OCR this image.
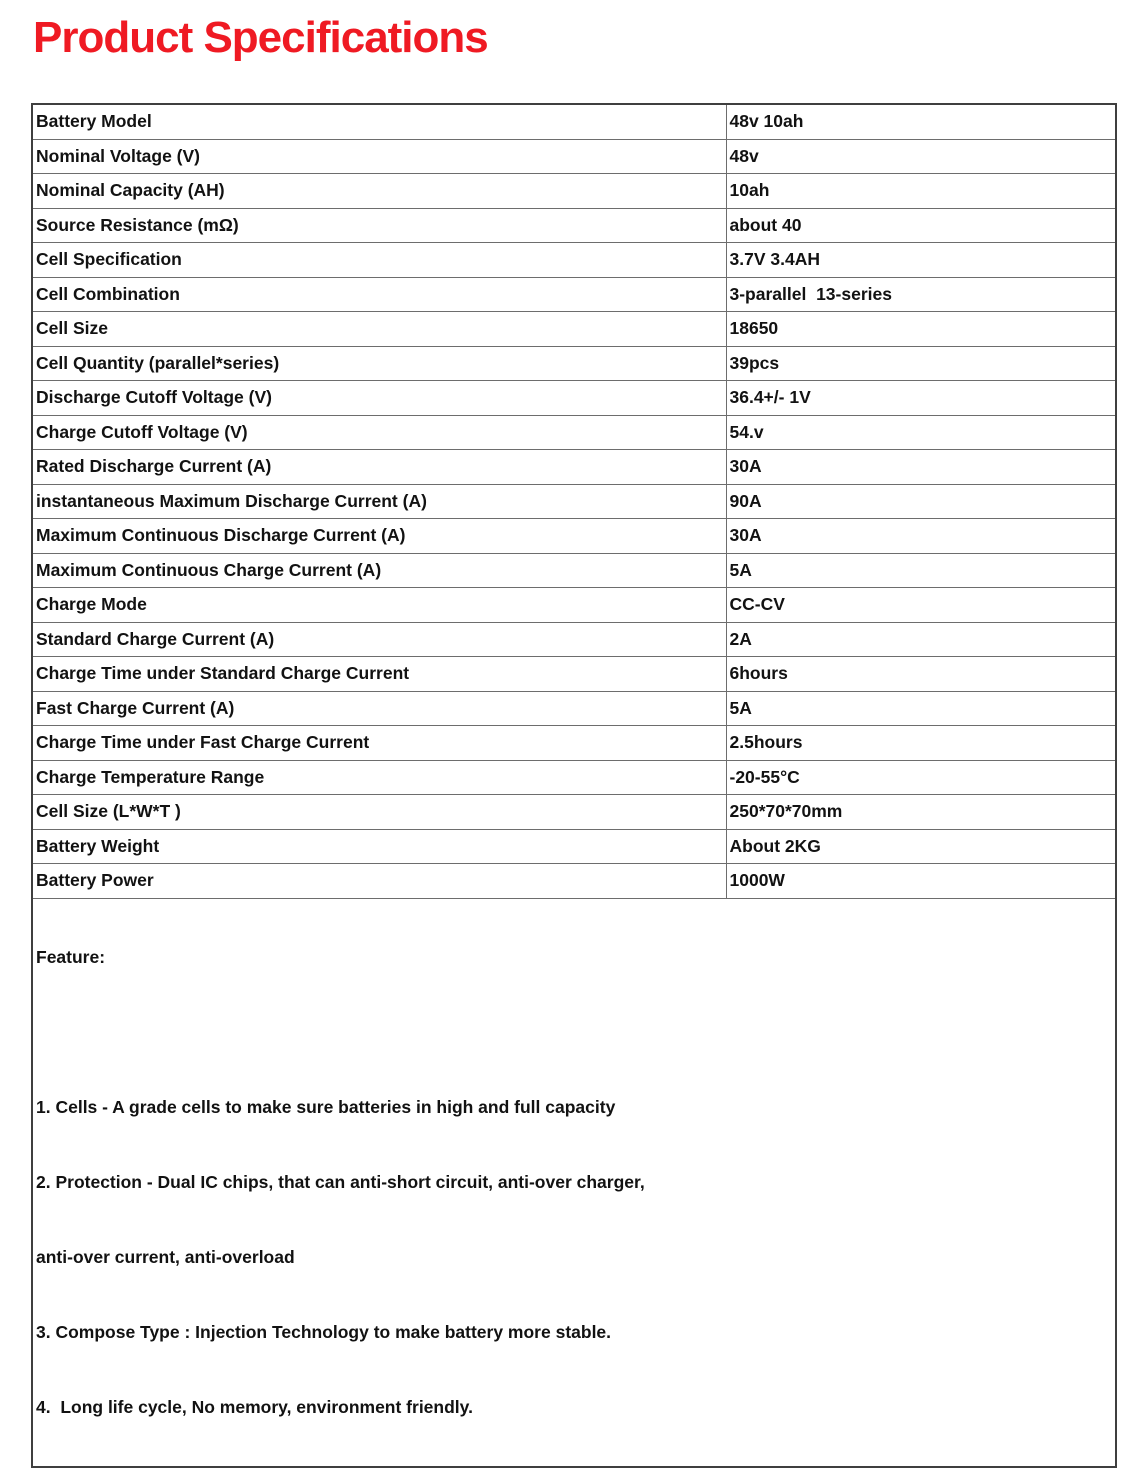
Product Specifications
Battery Model	48v 10ah
Nominal Voltage (V)	48v
Nominal Capacity (AH)	10ah
Source Resistance (mΩ)	about 40
Cell Specification	3.7V 3.4AH
Cell Combination	3-parallel  13-series
Cell Size	18650
Cell Quantity (parallel*series)	39pcs
Discharge Cutoff Voltage (V)	36.4+/- 1V
Charge Cutoff Voltage (V)	54.v
Rated Discharge Current (A)	30A
instantaneous Maximum Discharge Current (A)	90A
Maximum Continuous Discharge Current (A)	30A
Maximum Continuous Charge Current (A)	5A
Charge Mode	CC-CV
Standard Charge Current (A)	2A
Charge Time under Standard Charge Current	6hours
Fast Charge Current (A)	5A
Charge Time under Fast Charge Current	2.5hours
Charge Temperature Range	-20-55°C
Cell Size (L*W*T )	250*70*70mm
Battery Weight	About 2KG
Battery Power	1000W

Feature:

1. Cells - A grade cells to make sure batteries in high and full capacity

2. Protection - Dual IC chips, that can anti-short circuit, anti-over charger,

anti-over current, anti-overload

3. Compose Type : Injection Technology to make battery more stable.

4.  Long life cycle, No memory, environment friendly.
